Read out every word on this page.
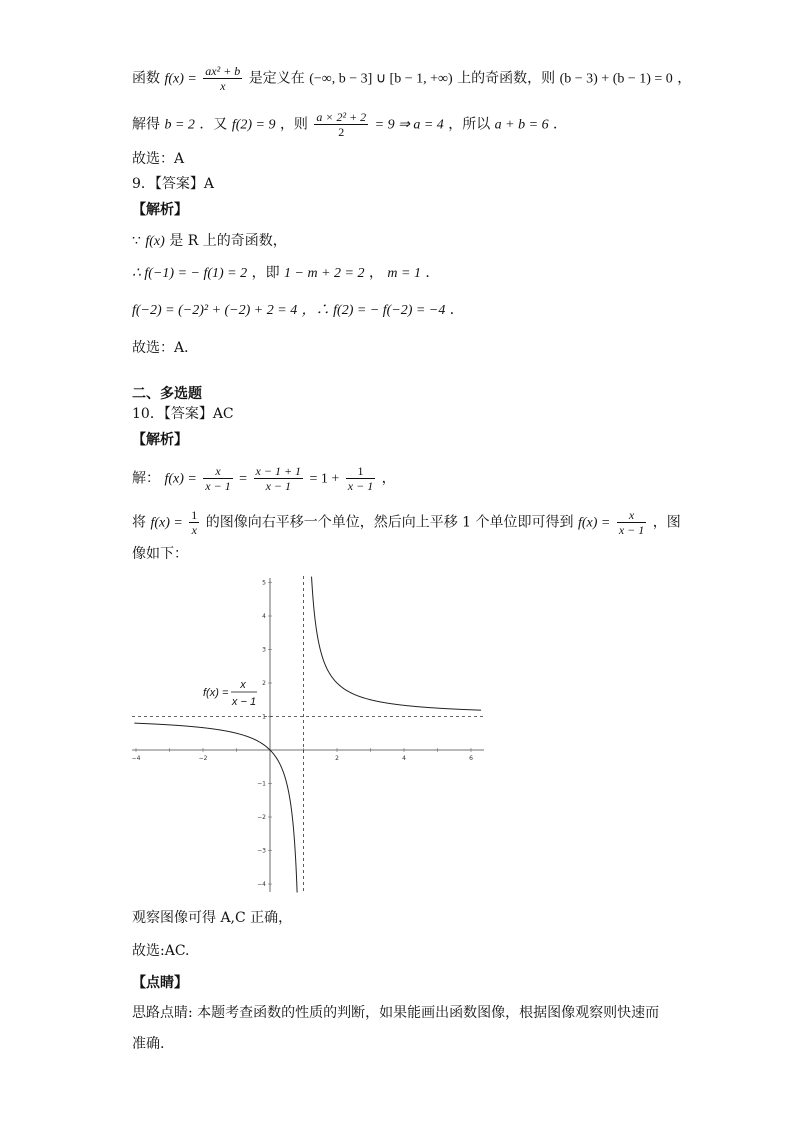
函数 $f(x) = \frac{\text{ax² + b}}{x}$ 是定义在 (−∞, b − 3] ∪ [b − 1, +∞) 上的奇函数，则 (b − 3) + (b − 1) = 0 ，
解得 b = 2 ．又 f(2) = 9 ，则 $\frac{\text{a × 2² + 2}}{2} = 9$ ⇒ a = 4 ，所以 a + b = 6 ．
故选：A
9．【答案】A
【解析】
∵ f(x) 是 R 上的奇函数，
∴ f(−1) = − f(1) = 2 ，即 1 − m + 2 = 2 ， m = 1 ．
f(−2) = (−2)² + (−2) + 2 = 4 ，∴ f(2) = − f(−2) = −4 ．
故选：A．
二、多选题
10．【答案】AC
【解析】
解： $f(x) = \frac{x}{x - 1} = \frac{x - 1 + 1}{x - 1} = 1 + \frac{1}{x - 1}$ ，
将 $f(x) = \frac{1}{x}$ 的图像向右平移一个单位，然后向上平移 1 个单位即可得到 $f(x) = \frac{x}{x - 1}$ ，图
像如下：
−4	−2	2	4	6
5
4
3
2
1
−1
−2
−3
−4
f(x) =
x
x − 1
观察图像可得 A,C 正确，
故选:AC.
【点睛】
思路点睛: 本题考查函数的性质的判断，如果能画出函数图像，根据图像观察则快速而
准确.
